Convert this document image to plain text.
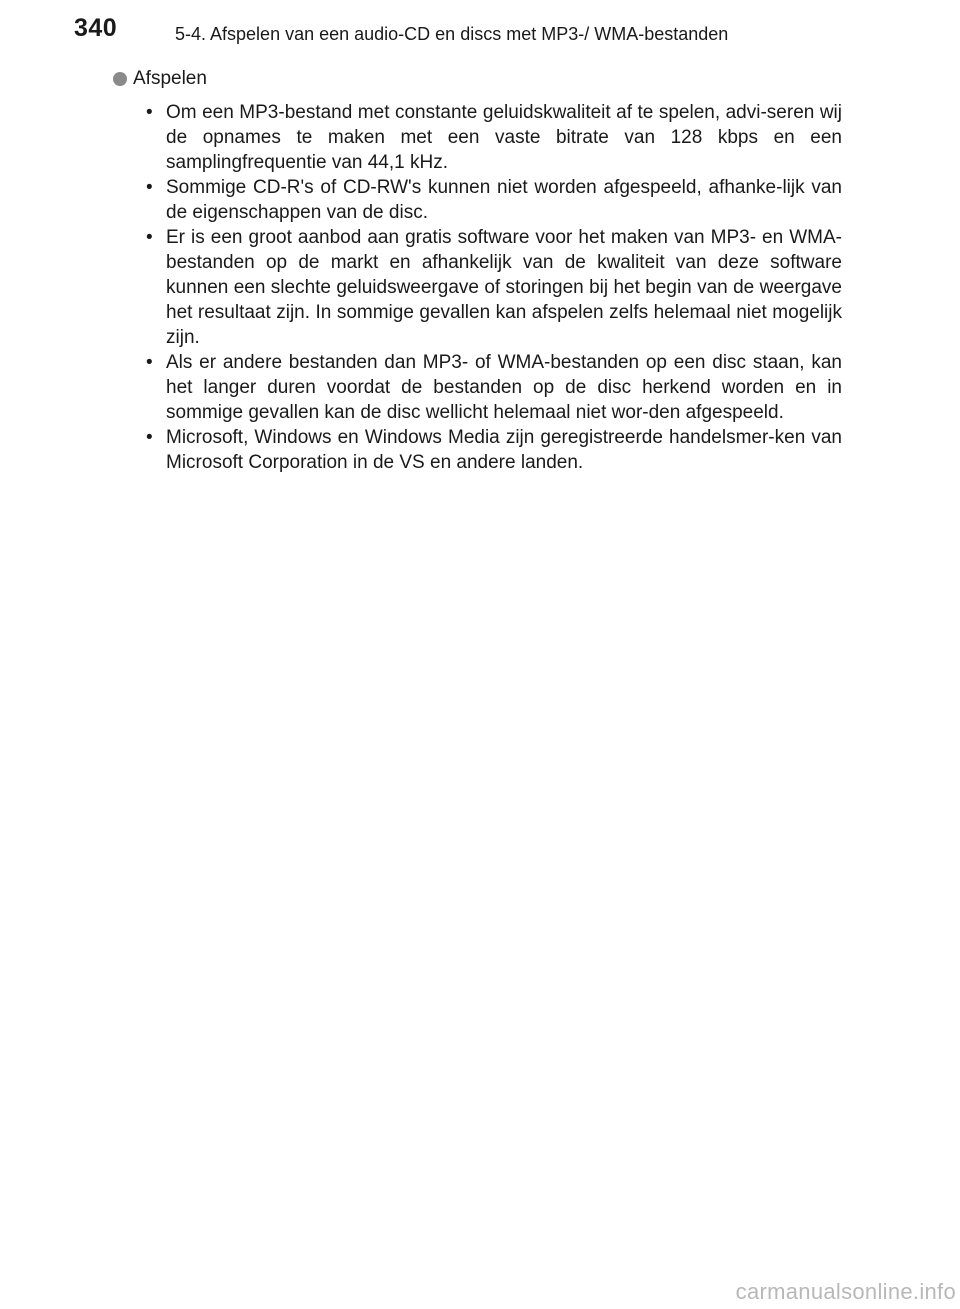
340	5-4. Afspelen van een audio-CD en discs met MP3-/ WMA-bestanden
Afspelen
• Om een MP3-bestand met constante geluidskwaliteit af te spelen, advi-seren wij de opnames te maken met een vaste bitrate van 128 kbps en een samplingfrequentie van 44,1 kHz.
• Sommige CD-R's of CD-RW's kunnen niet worden afgespeeld, afhanke-lijk van de eigenschappen van de disc.
• Er is een groot aanbod aan gratis software voor het maken van MP3- en WMA-bestanden op de markt en afhankelijk van de kwaliteit van deze software kunnen een slechte geluidsweergave of storingen bij het begin van de weergave het resultaat zijn. In sommige gevallen kan afspelen zelfs helemaal niet mogelijk zijn.
• Als er andere bestanden dan MP3- of WMA-bestanden op een disc staan, kan het langer duren voordat de bestanden op de disc herkend worden en in sommige gevallen kan de disc wellicht helemaal niet wor-den afgespeeld.
• Microsoft, Windows en Windows Media zijn geregistreerde handelsmer-ken van Microsoft Corporation in de VS en andere landen.
carmanualsonline.info
